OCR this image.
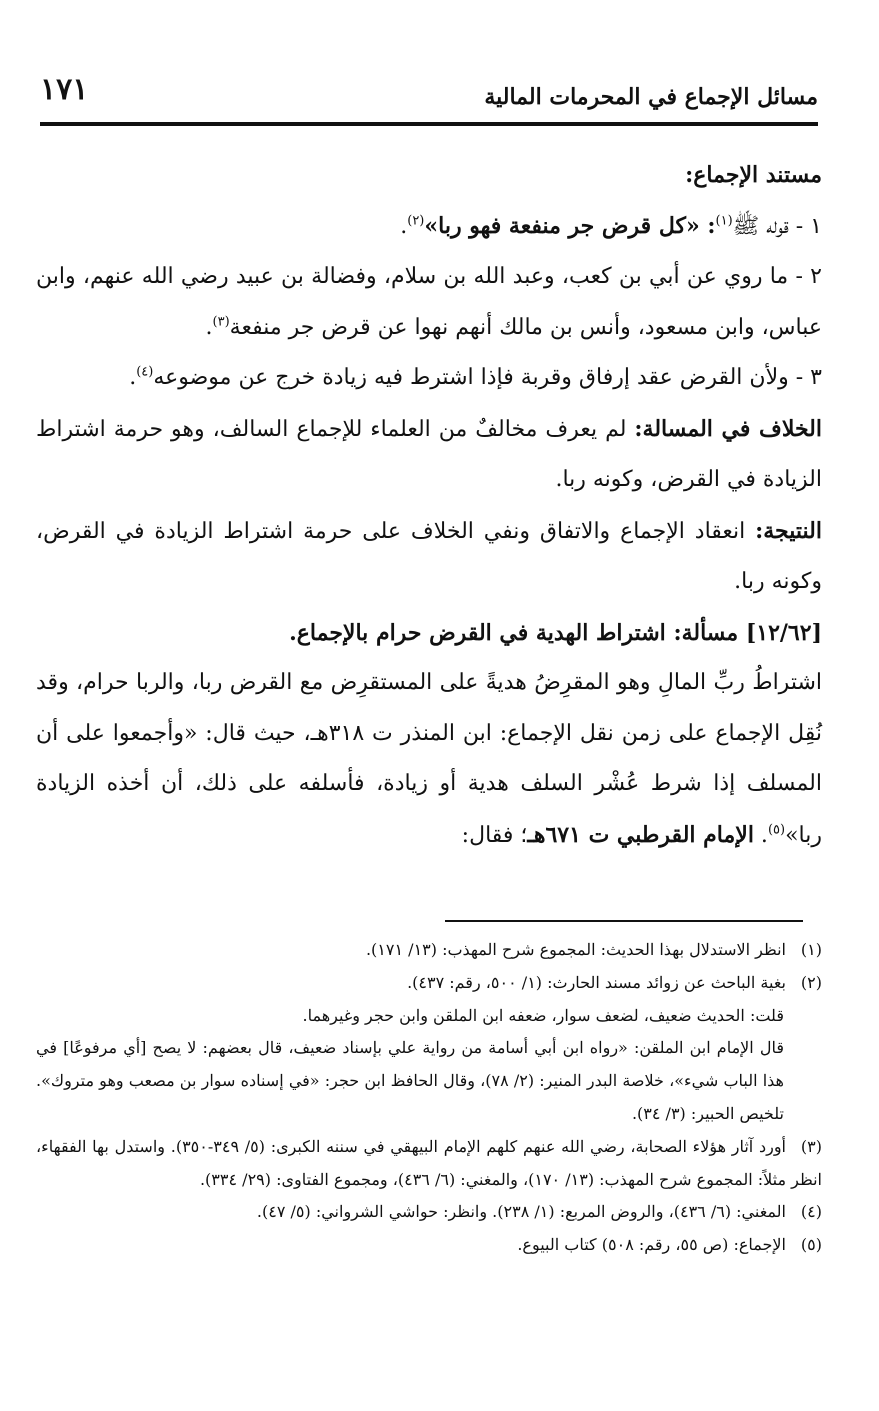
١٧١	مسائل الإجماع في المحرمات المالية

مستند الإجماع:

١ - قوله ﷺ$^{(١)}$: «كل قرض جر منفعة فهو ربا»$^{(٢)}$.

٢ - ما روي عن أبي بن كعب، وعبد الله بن سلام، وفضالة بن عبيد رضي الله عنهم، وابن عباس، وابن مسعود، وأنس بن مالك أنهم نهوا عن قرض جر منفعة$^{(٣)}$.

٣ - ولأن القرض عقد إرفاق وقربة فإذا اشترط فيه زيادة خرج عن موضوعه$^{(٤)}$.

الخلاف في المسالة: لم يعرف مخالفٌ من العلماء للإجماع السالف، وهو حرمة اشتراط الزيادة في القرض، وكونه ربا.

النتيجة: انعقاد الإجماع والاتفاق ونفي الخلاف على حرمة اشتراط الزيادة في القرض، وكونه ربا.

[١٢/٦٢] مسألة: اشتراط الهدية في القرض حرام بالإجماع.

اشتراطُ ربِّ المالِ وهو المقرِضُ هديةً على المستقرِض مع القرض ربا، والربا حرام، وقد نُقِل الإجماع على زمن نقل الإجماع: ابن المنذر ت ٣١٨هـ، حيث قال: «وأجمعوا على أن المسلف إذا شرط عُشْر السلف هدية أو زيادة، فأسلفه على ذلك، أن أخذه الزيادة ربا»$^{(٥)}$. الإمام القرطبي ت ٦٧١هـ؛ فقال:

(١)انظر الاستدلال بهذا الحديث: المجموع شرح المهذب: (١٣/ ١٧١).

(٢)بغية الباحث عن زوائد مسند الحارث: (١/ ٥٠٠، رقم: ٤٣٧).

قلت: الحديث ضعيف، لضعف سوار، ضعفه ابن الملقن وابن حجر وغيرهما.

قال الإمام ابن الملقن: «رواه ابن أبي أسامة من رواية علي بإسناد ضعيف، قال بعضهم: لا يصح [أي مرفوعًا] في هذا الباب شيء»، خلاصة البدر المنير: (٢/ ٧٨)، وقال الحافظ ابن حجر: «في إسناده سوار بن مصعب وهو متروك». تلخيص الحبير: (٣/ ٣٤).

(٣)أورد آثار هؤلاء الصحابة، رضي الله عنهم كلهم الإمام البيهقي في سننه الكبرى: (٥/ ٣٤٩-٣٥٠). واستدل بها الفقهاء، انظر مثلاً: المجموع شرح المهذب: (١٣/ ١٧٠)، والمغني: (٦/ ٤٣٦)، ومجموع الفتاوى: (٢٩/ ٣٣٤).

(٤)المغني: (٦/ ٤٣٦)، والروض المربع: (١/ ٢٣٨). وانظر: حواشي الشرواني: (٥/ ٤٧).

(٥)الإجماع: (ص ٥٥، رقم: ٥٠٨) كتاب البيوع.
